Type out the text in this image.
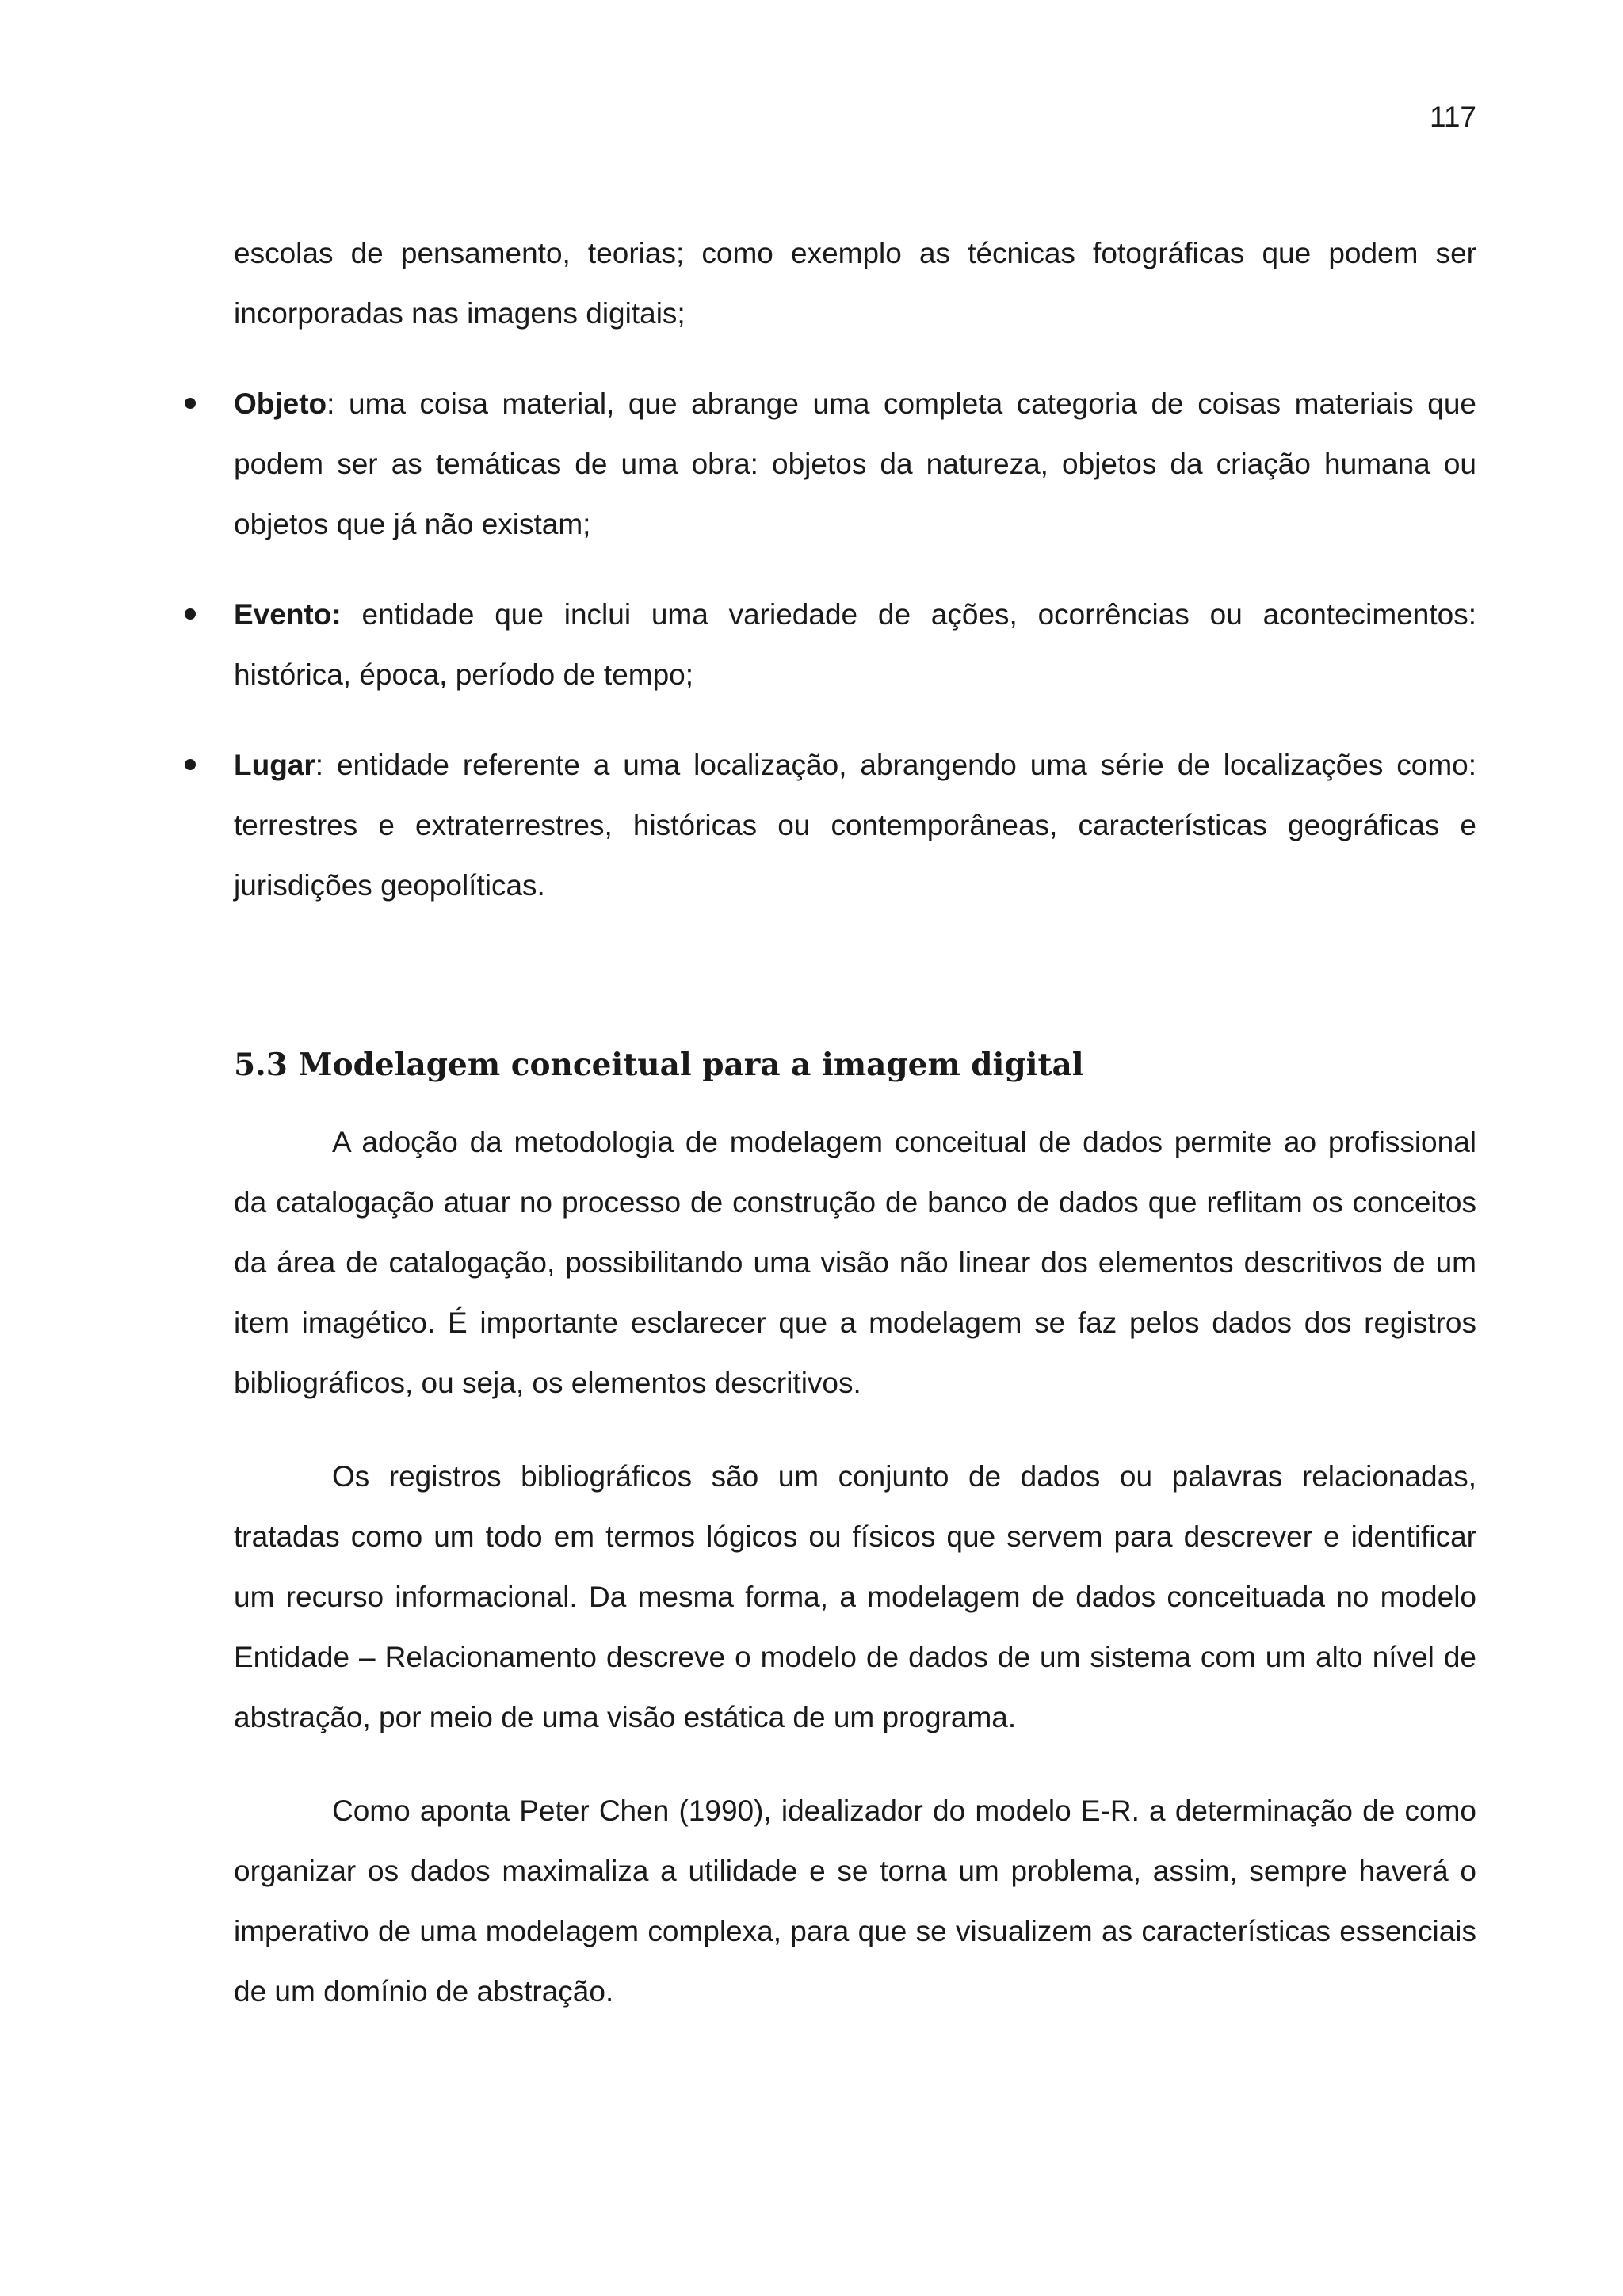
117

escolas de pensamento, teorias; como exemplo as técnicas fotográficas que podem ser incorporadas nas imagens digitais;

Objeto: uma coisa material, que abrange uma completa categoria de coisas materiais que podem ser as temáticas de uma obra: objetos da natureza, objetos da criação humana ou objetos que já não existam;

Evento: entidade que inclui uma variedade de ações, ocorrências ou acontecimentos: histórica, época, período de tempo;

Lugar: entidade referente a uma localização, abrangendo uma série de localizações como: terrestres e extraterrestres, históricas ou contemporâneas, características geográficas e jurisdições geopolíticas.

5.3 Modelagem conceitual para a imagem digital

A adoção da metodologia de modelagem conceitual de dados permite ao profissional da catalogação atuar no processo de construção de banco de dados que reflitam os conceitos da área de catalogação, possibilitando uma visão não linear dos elementos descritivos de um item imagético. É importante esclarecer que a modelagem se faz pelos dados dos registros bibliográficos, ou seja, os elementos descritivos.

Os registros bibliográficos são um conjunto de dados ou palavras relacionadas, tratadas como um todo em termos lógicos ou físicos que servem para descrever e identificar um recurso informacional. Da mesma forma, a modelagem de dados conceituada no modelo Entidade – Relacionamento descreve o modelo de dados de um sistema com um alto nível de abstração, por meio de uma visão estática de um programa.

Como aponta Peter Chen (1990), idealizador do modelo E-R. a determinação de como organizar os dados maximaliza a utilidade e se torna um problema, assim, sempre haverá o imperativo de uma modelagem complexa, para que se visualizem as características essenciais de um domínio de abstração.
